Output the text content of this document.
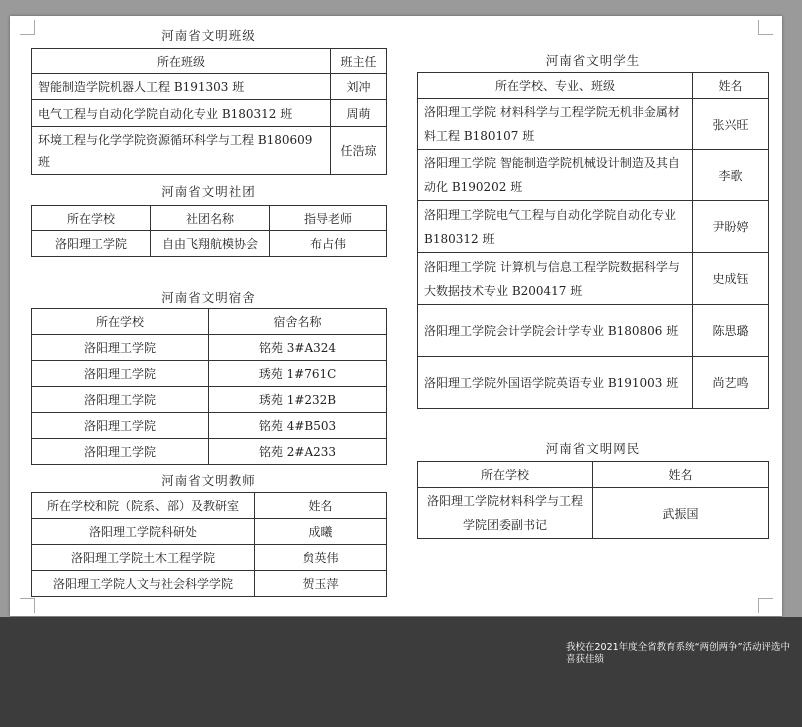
河南省文明班级
所在班级	班主任
智能制造学院机器人工程 B191303 班	刘冲
电气工程与自动化学院自动化专业 B180312 班	周萌
环境工程与化学学院资源循环科学与工程 B180609 班	任浩琼
河南省文明社团
所在学校	社团名称	指导老师
洛阳理工学院	自由飞翔航模协会	布占伟
河南省文明宿舍
所在学校	宿舍名称
洛阳理工学院	铭苑 3#A324
洛阳理工学院	琇苑 1#761C
洛阳理工学院	琇苑 1#232B
洛阳理工学院	铭苑 4#B503
洛阳理工学院	铭苑 2#A233
河南省文明教师
所在学校和院（院系、部）及教研室	姓名
洛阳理工学院科研处	成曦
洛阳理工学院土木工程学院	贠英伟
洛阳理工学院人文与社会科学学院	贺玉萍
河南省文明学生
所在学校、专业、班级	姓名
洛阳理工学院 材料科学与工程学院无机非金属材料工程 B180107 班	张兴旺
洛阳理工学院 智能制造学院机械设计制造及其自动化 B190202 班	李歌
洛阳理工学院电气工程与自动化学院自动化专业 B180312 班	尹盼婷
洛阳理工学院 计算机与信息工程学院数据科学与大数据技术专业 B200417 班	史成钰
洛阳理工学院会计学院会计学专业 B180806 班	陈思璐
洛阳理工学院外国语学院英语专业 B191003 班	尚艺鸣
河南省文明网民
所在学校	姓名
洛阳理工学院材料科学与工程学院团委副书记	武振国
我校在2021年度全省教育系统“两创两争”活动评选中喜获佳绩
